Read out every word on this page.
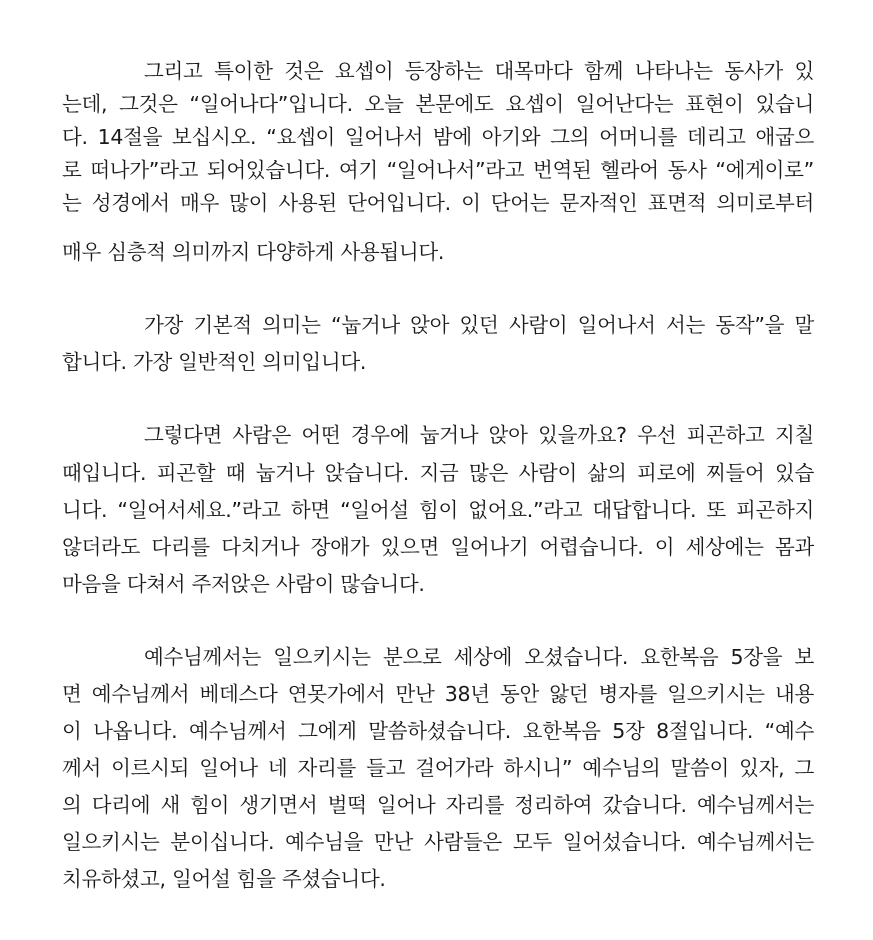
그리고 특이한 것은 요셉이 등장하는 대목마다 함께 나타나는 동사가 있
는데, 그것은 “일어나다”입니다. 오늘 본문에도 요셉이 일어난다는 표현이 있습니
다. 14절을 보십시오. “요셉이 일어나서 밤에 아기와 그의 어머니를 데리고 애굽으
로 떠나가”라고 되어있습니다. 여기 “일어나서”라고 번역된 헬라어 동사 “에게이로”
는 성경에서 매우 많이 사용된 단어입니다. 이 단어는 문자적인 표면적 의미로부터
매우 심층적 의미까지 다양하게 사용됩니다.
가장 기본적 의미는 “눕거나 앉아 있던 사람이 일어나서 서는 동작”을 말
합니다. 가장 일반적인 의미입니다.
그렇다면 사람은 어떤 경우에 눕거나 앉아 있을까요? 우선 피곤하고 지칠
때입니다. 피곤할 때 눕거나 앉습니다. 지금 많은 사람이 삶의 피로에 찌들어 있습
니다. “일어서세요.”라고 하면 “일어설 힘이 없어요.”라고 대답합니다. 또 피곤하지
않더라도 다리를 다치거나 장애가 있으면 일어나기 어렵습니다. 이 세상에는 몸과
마음을 다쳐서 주저앉은 사람이 많습니다.
예수님께서는 일으키시는 분으로 세상에 오셨습니다. 요한복음 5장을 보
면 예수님께서 베데스다 연못가에서 만난 38년 동안 앓던 병자를 일으키시는 내용
이 나옵니다. 예수님께서 그에게 말씀하셨습니다. 요한복음 5장 8절입니다. “예수
께서 이르시되 일어나 네 자리를 들고 걸어가라 하시니” 예수님의 말씀이 있자, 그
의 다리에 새 힘이 생기면서 벌떡 일어나 자리를 정리하여 갔습니다. 예수님께서는
일으키시는 분이십니다. 예수님을 만난 사람들은 모두 일어섰습니다. 예수님께서는
치유하셨고, 일어설 힘을 주셨습니다.
